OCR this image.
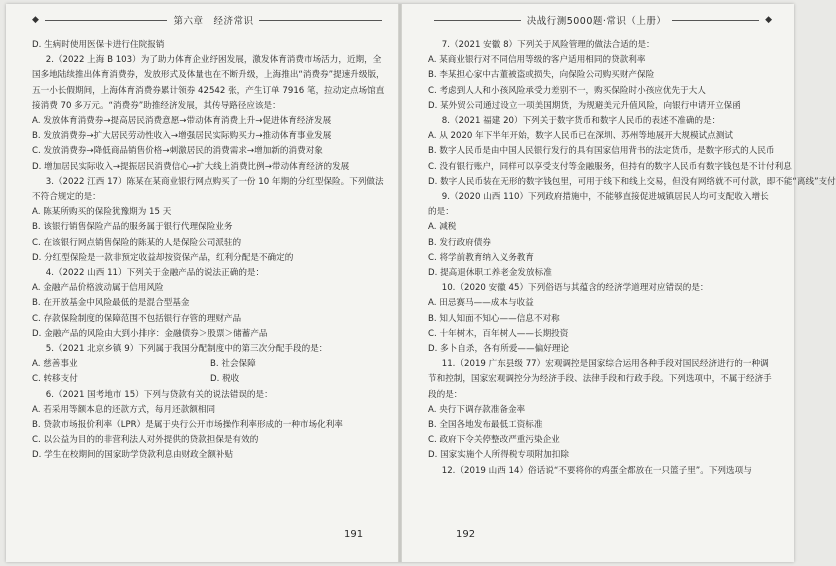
◆	第六章　经济常识
D. 生病时使用医保卡进行住院报销
2.（2022 上海 B 103）为了助力体育企业纾困发展，激发体育消费市场活力，近期，全国多地陆续推出体育消费券，发放形式及体量也在不断升级，上海推出“消费券”提速升级版，五一小长假期间，上海体育消费券累计领券 42542 张，产生订单 7916 笔，拉动定点场馆直接消费 70 多万元。“消费券”助推经济发展，其传导路径应该是：
A. 发放体育消费券→提高居民消费意愿→带动体育消费上升→促进体育经济发展
B. 发放消费券→扩大居民劳动性收入→增强居民实际购买力→推动体育事业发展
C. 发放消费券→降低商品销售价格→刺激居民的消费需求→增加新的消费对象
D. 增加居民实际收入→提振居民消费信心→扩大线上消费比例→带动体育经济的发展
3.（2022 江西 17）陈某在某商业银行网点购买了一份 10 年期的分红型保险。下列做法不符合规定的是：
A. 陈某所购买的保险犹豫期为 15 天
B. 该银行销售保险产品的服务属于银行代理保险业务
C. 在该银行网点销售保险的陈某的人是保险公司派驻的
D. 分红型保险是一款非预定收益却按资保产品，红利分配是不确定的
4.（2022 山西 11）下列关于金融产品的说法正确的是：
A. 金融产品价格波动属于信用风险
B. 在开放基金中风险最低的是混合型基金
C. 存款保险制度的保障范围不包括银行存管的理财产品
D. 金融产品的风险由大到小排序：金融债券＞股票＞储蓄产品
5.（2021 北京乡镇 9）下列属于我国分配制度中的第三次分配手段的是：
A. 慈善事业	B. 社会保障
C. 转移支付	D. 税收
6.（2021 国考地市 15）下列与贷款有关的说法错误的是：
A. 若采用等额本息的还款方式，每月还款额相同
B. 贷款市场报价利率（LPR）是属于央行公开市场操作利率形成的一种市场化利率
C. 以公益为目的的非营利法人对外提供的贷款担保是有效的
D. 学生在校期间的国家助学贷款利息由财政全额补贴
191
决战行测5000题·常识（上册）	◆
7.（2021 安徽 8）下列关于风险管理的做法合适的是：
A. 某商业银行对不同信用等级的客户适用相同的贷款利率
B. 李某担心家中古董被盗或损失，向保险公司购买财产保险
C. 考虑到人人和小孩风险承受力差别不一，购买保险时小孩应优先于大人
D. 某外贸公司通过设立一项美国期货，为规避美元升值风险，向银行申请开立保函
8.（2021 福建 20）下列关于数字货币和数字人民币的表述不准确的是：
A. 从 2020 年下半年开始，数字人民币已在深圳、苏州等地展开大规模试点测试
B. 数字人民币是由中国人民银行发行的具有国家信用背书的法定货币，是数字形式的人民币
C. 没有银行账户，同样可以享受支付等金融服务，但持有的数字人民币有数字钱包是不计付利息
D. 数字人民币装在无形的数字钱包里，可用于线下和线上交易，但没有网络就不可付款，即不能“离线”支付
9.（2020 山西 110）下列政府措施中，不能够直接促进城镇居民人均可支配收入增长的是：
A. 减税
B. 发行政府债券
C. 将学前教育纳入义务教育
D. 提高退休职工养老金发放标准
10.（2020 安徽 45）下列俗语与其蕴含的经济学道理对应错误的是：
A. 田忌赛马——成本与收益
B. 知人知面不知心——信息不对称
C. 十年树木，百年树人——长期投资
D. 多卜自杀，各有所爱——偏好理论
11.（2019 广东县级 77）宏观调控是国家综合运用各种手段对国民经济进行的一种调节和控制，国家宏观调控分为经济手段、法律手段和行政手段。下列选项中，不属于经济手段的是：
A. 央行下调存款准备金率
B. 全国各地发布最低工资标准
C. 政府下令关停整改严重污染企业
D. 国家实施个人所得税专项附加扣除
12.（2019 山西 14）俗话说“不要将你的鸡蛋全都放在一只篮子里”。下列选项与
192
